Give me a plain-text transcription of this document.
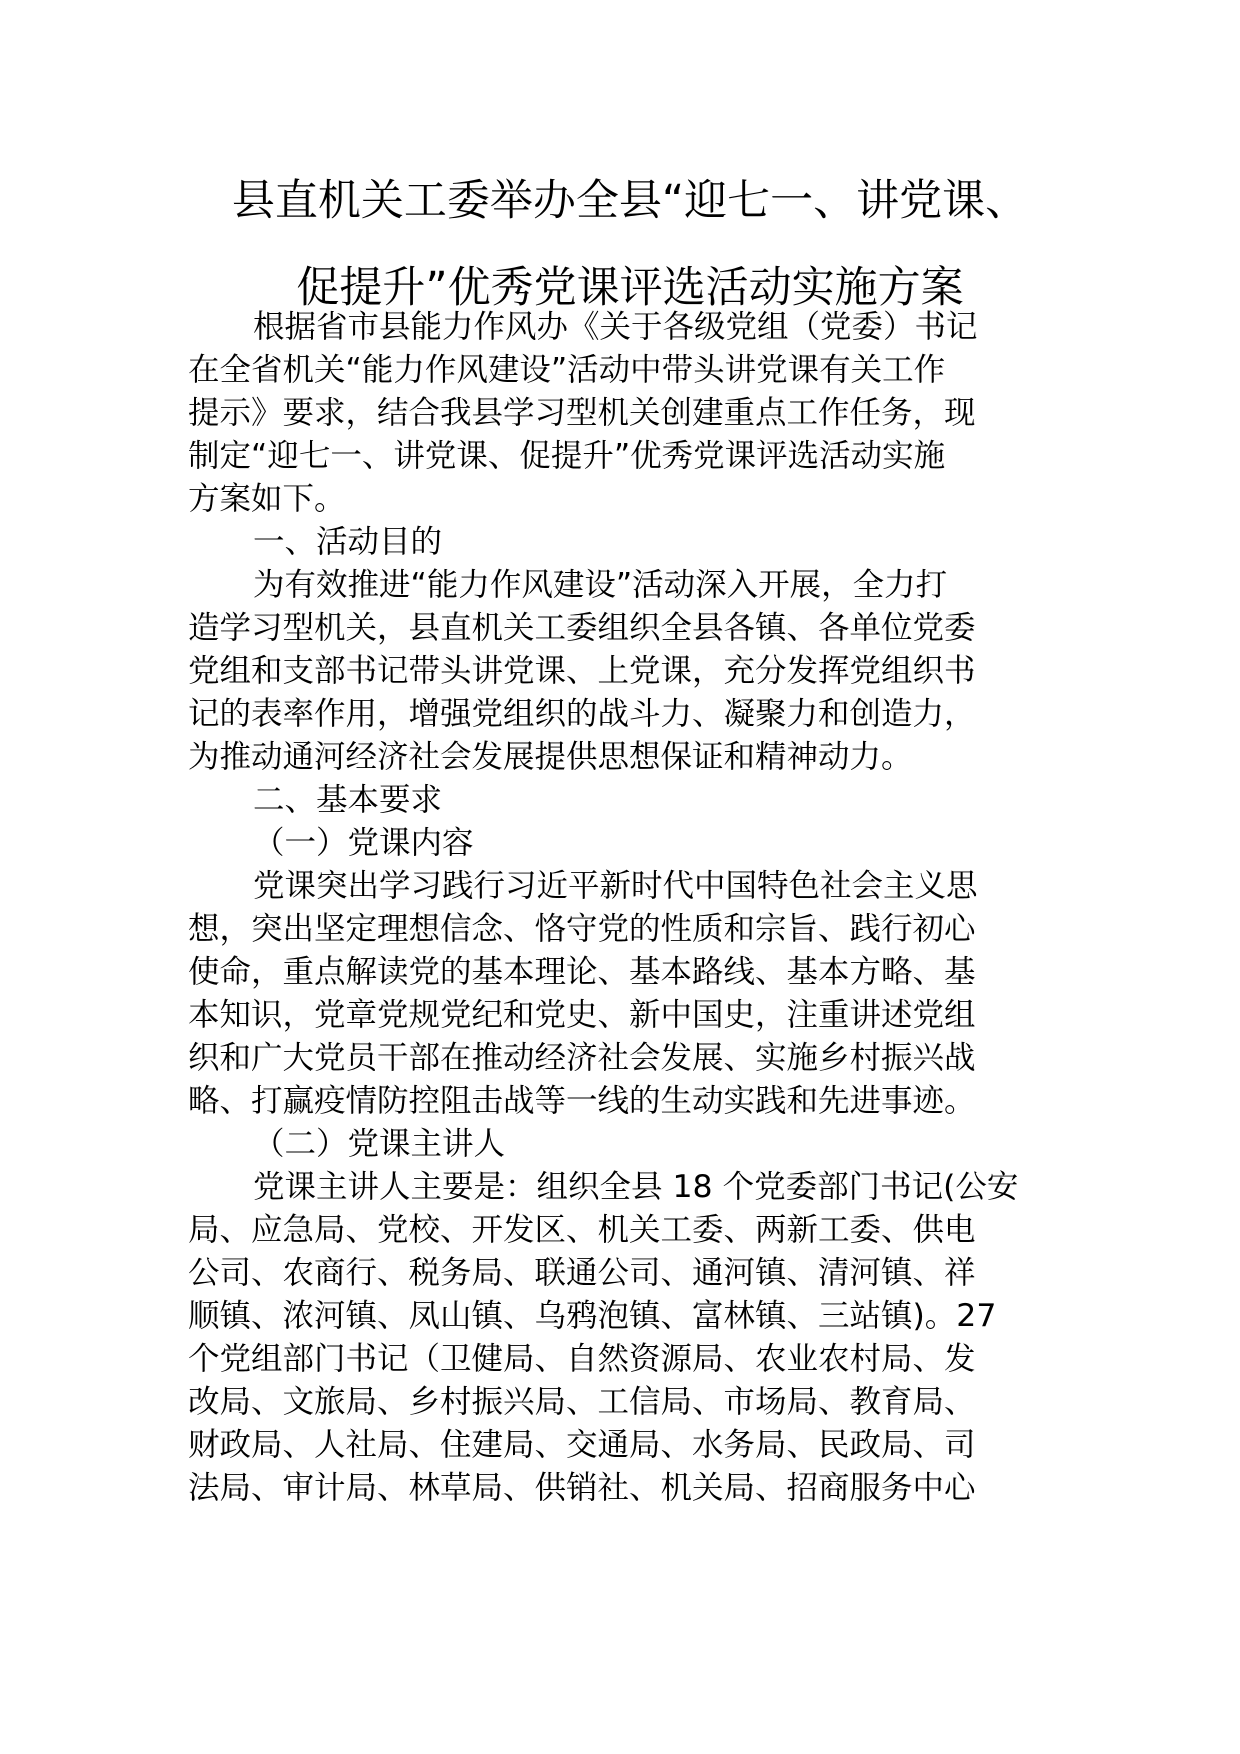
县直机关工委举办全县“迎七一、讲党课、
促提升”优秀党课评选活动实施方案

根据省市县能力作风办《关于各级党组（党委）书记

在全省机关“能力作风建设”活动中带头讲党课有关工作

提示》要求，结合我县学习型机关创建重点工作任务，现

制定“迎七一、讲党课、促提升”优秀党课评选活动实施

方案如下。

一、活动目的

为有效推进“能力作风建设”活动深入开展，全力打

造学习型机关，县直机关工委组织全县各镇、各单位党委

党组和支部书记带头讲党课、上党课，充分发挥党组织书

记的表率作用，增强党组织的战斗力、凝聚力和创造力，

为推动通河经济社会发展提供思想保证和精神动力。

二、基本要求

（一）党课内容

党课突出学习践行习近平新时代中国特色社会主义思

想，突出坚定理想信念、恪守党的性质和宗旨、践行初心

使命，重点解读党的基本理论、基本路线、基本方略、基

本知识，党章党规党纪和党史、新中国史，注重讲述党组

织和广大党员干部在推动经济社会发展、实施乡村振兴战

略、打赢疫情防控阻击战等一线的生动实践和先进事迹。

（二）党课主讲人

党课主讲人主要是：组织全县 18 个党委部门书记(公安

局、应急局、党校、开发区、机关工委、两新工委、供电

公司、农商行、税务局、联通公司、通河镇、清河镇、祥

顺镇、浓河镇、凤山镇、乌鸦泡镇、富林镇、三站镇)。27

个党组部门书记（卫健局、自然资源局、农业农村局、发

改局、文旅局、乡村振兴局、工信局、市场局、教育局、

财政局、人社局、住建局、交通局、水务局、民政局、司

法局、审计局、林草局、供销社、机关局、招商服务中心
